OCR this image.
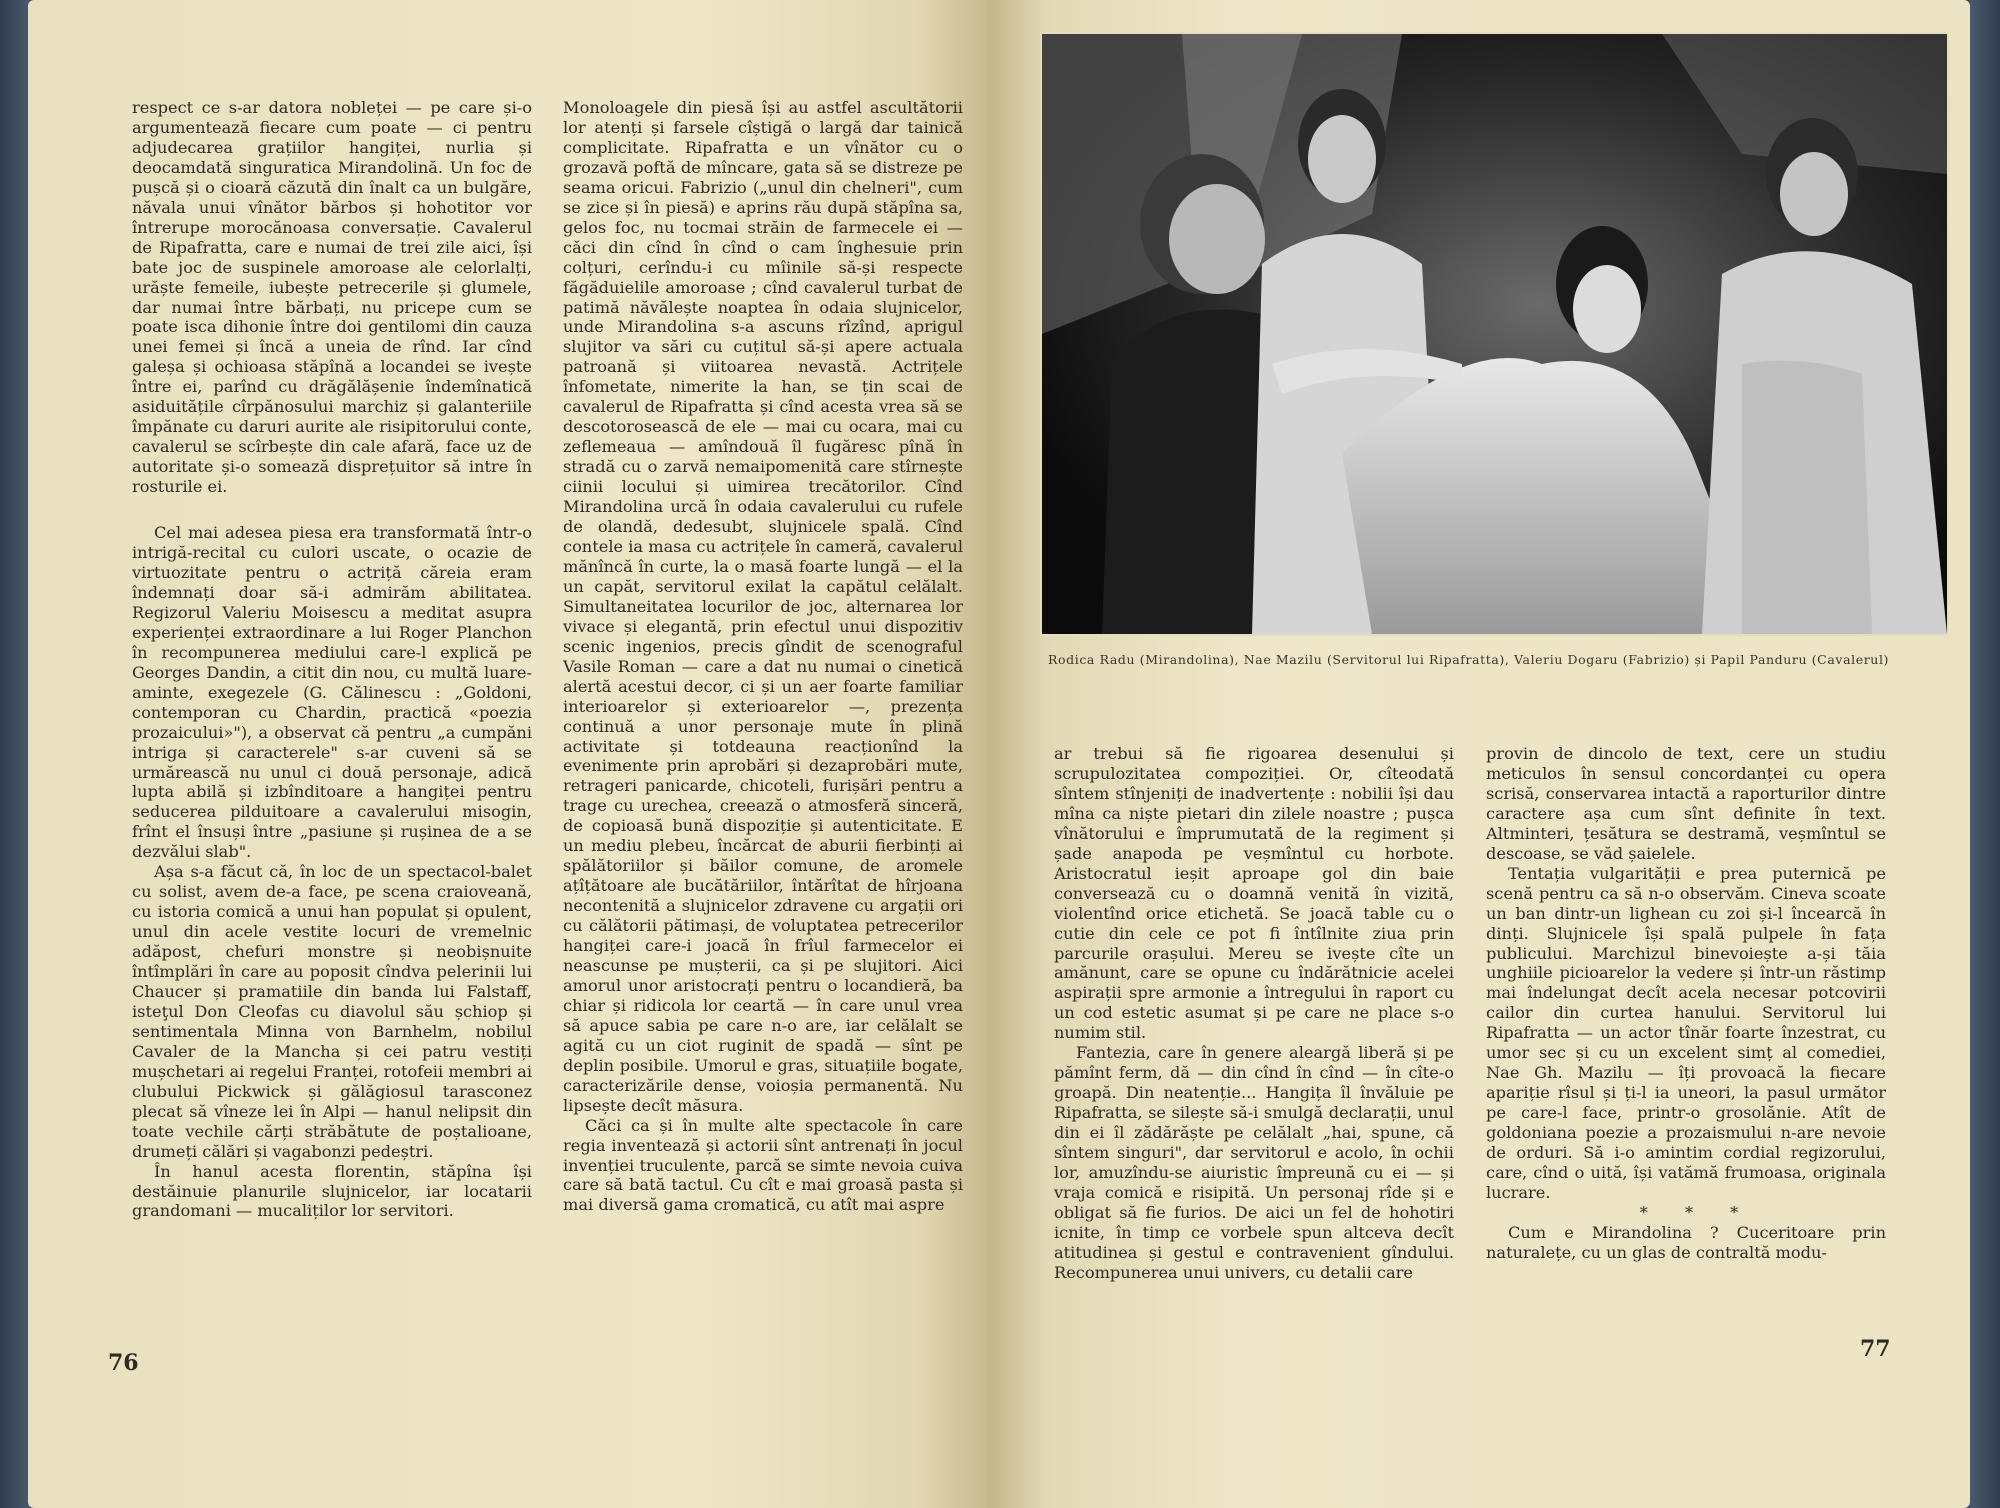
respect ce s-ar datora nobleței — pe care și-o argumentează fiecare cum poate — ci pentru adjudecarea grațiilor hangiței, nurlia și deocamdată singuratica Mirandolină. Un foc de pușcă și o cioară căzută din înalt ca un bulgăre, năvala unui vînător bărbos și hohotitor vor întrerupe morocănoasa conversație. Cavalerul de Ripafratta, care e numai de trei zile aici, își bate joc de suspinele amoroase ale celorlalți, urăște femeile, iubește petrecerile și glumele, dar numai între bărbați, nu pricepe cum se poate isca dihonie între doi gentilomi din cauza unei femei și încă a uneia de rînd. Iar cînd galeșa și ochioasa stăpînă a locandei se ivește între ei, parînd cu drăgălășenie îndemînatică asiduitățile cîrpănosului marchiz și galanteriile împănate cu daruri aurite ale risipitorului conte, cavalerul se scîrbește din cale afară, face uz de autoritate și-o somează disprețuitor să intre în rosturile ei.

Cel mai adesea piesa era transformată într-o intrigă-recital cu culori uscate, o ocazie de virtuozitate pentru o actriță căreia eram îndemnați doar să-i admirăm abilitatea. Regizorul Valeriu Moisescu a meditat asupra experienței extraordinare a lui Roger Planchon în recompunerea mediului care-l explică pe Georges Dandin, a citit din nou, cu multă luare-aminte, exegezele (G. Călinescu : „Goldoni, contemporan cu Chardin, practică «poezia prozaicului»"), a observat că pentru „a cumpăni intriga și caracterele" s-ar cuveni să se urmărească nu unul ci două personaje, adică lupta abilă și izbînditoare a hangiței pentru seducerea pilduitoare a cavalerului misogin, frînt el însuși între „pasiune și rușinea de a se dezvălui slab".

Așa s-a făcut că, în loc de un spectacol-balet cu solist, avem de-a face, pe scena craioveană, cu istoria comică a unui han populat și opulent, unul din acele vestite locuri de vremelnic adăpost, chefuri monstre și neobișnuite întîmplări în care au poposit cîndva pelerinii lui Chaucer și pramatiile din banda lui Falstaff, isteţul Don Cleofas cu diavolul său șchiop și sentimentala Minna von Barnhelm, nobilul Cavaler de la Mancha și cei patru vestiți mușchetari ai regelui Franței, rotofeii membri ai clubului Pickwick și gălăgiosul tarasconez plecat să vîneze lei în Alpi — hanul nelipsit din toate vechile cărți străbătute de poștalioane, drumeți călări și vagabonzi pedeștri.

În hanul acesta florentin, stăpîna își destăinuie planurile slujnicelor, iar locatarii grandomani — mucaliților lor servitori.

Monoloagele din piesă își au astfel ascultătorii lor atenți și farsele cîștigă o largă dar tainică complicitate. Ripafratta e un vînător cu o grozavă poftă de mîncare, gata să se distreze pe seama oricui. Fabrizio („unul din chelneri", cum se zice și în piesă) e aprins rău după stăpîna sa, gelos foc, nu tocmai străin de farmecele ei — căci din cînd în cînd o cam înghesuie prin colțuri, cerîndu-i cu mîinile să-și respecte făgăduielile amoroase ; cînd cavalerul turbat de patimă năvălește noaptea în odaia slujnicelor, unde Mirandolina s-a ascuns rîzînd, aprigul slujitor va sări cu cuțitul să-și apere actuala patroană și viitoarea nevastă. Actrițele înfometate, nimerite la han, se țin scai de cavalerul de Ripafratta și cînd acesta vrea să se descotorosească de ele — mai cu ocara, mai cu zeflemeaua — amîndouă îl fugăresc pînă în stradă cu o zarvă nemaipomenită care stîrnește ciinii locului și uimirea trecătorilor. Cînd Mirandolina urcă în odaia cavalerului cu rufele de olandă, dedesubt, slujnicele spală. Cînd contele ia masa cu actrițele în cameră, cavalerul mănîncă în curte, la o masă foarte lungă — el la un capăt, servitorul exilat la capătul celălalt. Simultaneitatea locurilor de joc, alternarea lor vivace și elegantă, prin efectul unui dispozitiv scenic ingenios, precis gîndit de scenograful Vasile Roman — care a dat nu numai o cinetică alertă acestui decor, ci și un aer foarte familiar interioarelor și exterioarelor —, prezența continuă a unor personaje mute în plină activitate și totdeauna reacționînd la evenimente prin aprobări și dezaprobări mute, retrageri panicarde, chicoteli, furișări pentru a trage cu urechea, creează o atmosferă sinceră, de copioasă bună dispoziție și autenticitate. E un mediu plebeu, încărcat de aburii fierbinți ai spălătoriilor și băilor comune, de aromele ațîțătoare ale bucătăriilor, întărîtat de hîrjoana necontenită a slujnicelor zdravene cu argații ori cu călătorii pătimași, de voluptatea petrecerilor hangiței care-i joacă în frîul farmecelor ei neascunse pe mușterii, ca și pe slujitori. Aici amorul unor aristocrați pentru o locandieră, ba chiar și ridicola lor ceartă — în care unul vrea să apuce sabia pe care n-o are, iar celălalt se agită cu un ciot ruginit de spadă — sînt pe deplin posibile. Umorul e gras, situațiile bogate, caracterizările dense, voioșia permanentă. Nu lipsește decît măsura.

Căci ca și în multe alte spectacole în care regia inventează și actorii sînt antrenați în jocul invenției truculente, parcă se simte nevoia cuiva care să bată tactul. Cu cît e mai groasă pasta și mai diversă gama cromatică, cu atît mai aspre

76
Rodica Radu (Mirandolina), Nae Mazilu (Servitorul lui Ripafratta), Valeriu Dogaru (Fabrizio) și Papil Panduru (Cavalerul)

ar trebui să fie rigoarea desenului și scrupulozitatea compoziției. Or, cîteodată sîntem stînjeniți de inadvertențe : nobilii își dau mîna ca niște pietari din zilele noastre ; pușca vînătorului e împrumutată de la regiment și șade anapoda pe veșmîntul cu horbote. Aristocratul ieșit aproape gol din baie conversează cu o doamnă venită în vizită, violentînd orice etichetă. Se joacă table cu o cutie din cele ce pot fi întîlnite ziua prin parcurile orașului. Mereu se ivește cîte un amănunt, care se opune cu îndărătnicie acelei aspirații spre armonie a întregului în raport cu un cod estetic asumat și pe care ne place s-o numim stil.

Fantezia, care în genere aleargă liberă și pe pămînt ferm, dă — din cînd în cînd — în cîte-o groapă. Din neatenție... Hangița îl învăluie pe Ripafratta, se silește să-i smulgă declarații, unul din ei îl zădărăște pe celălalt „hai, spune, că sîntem singuri", dar servitorul e acolo, în ochii lor, amuzîndu-se aiuristic împreună cu ei — și vraja comică e risipită. Un personaj rîde și e obligat să fie furios. De aici un fel de hohotiri icnite, în timp ce vorbele spun altceva decît atitudinea și gestul e contravenient gîndului. Recompunerea unui univers, cu detalii care

provin de dincolo de text, cere un studiu meticulos în sensul concordanței cu opera scrisă, conservarea intactă a raporturilor dintre caractere așa cum sînt definite în text. Altminteri, țesătura se destramă, veșmîntul se descoase, se văd șaielele.

Tentația vulgarității e prea puternică pe scenă pentru ca să n-o observăm. Cineva scoate un ban dintr-un lighean cu zoi și-l încearcă în dinți. Slujnicele își spală pulpele în fața publicului. Marchizul binevoiește a-și tăia unghiile picioarelor la vedere și într-un răstimp mai îndelungat decît acela necesar potcovirii cailor din curtea hanului. Servitorul lui Ripafratta — un actor tînăr foarte înzestrat, cu umor sec și cu un excelent simț al comediei, Nae Gh. Mazilu — îți provoacă la fiecare apariție rîsul și ți-l ia uneori, la pasul următor pe care-l face, printr-o grosolănie. Atît de goldoniana poezie a prozaismului n-are nevoie de orduri. Să i-o amintim cordial regizorului, care, cînd o uită, își vatămă frumoasa, originala lucrare.

* * *

Cum e Mirandolina ? Cuceritoare prin naturalețe, cu un glas de contraltă modu-

77
